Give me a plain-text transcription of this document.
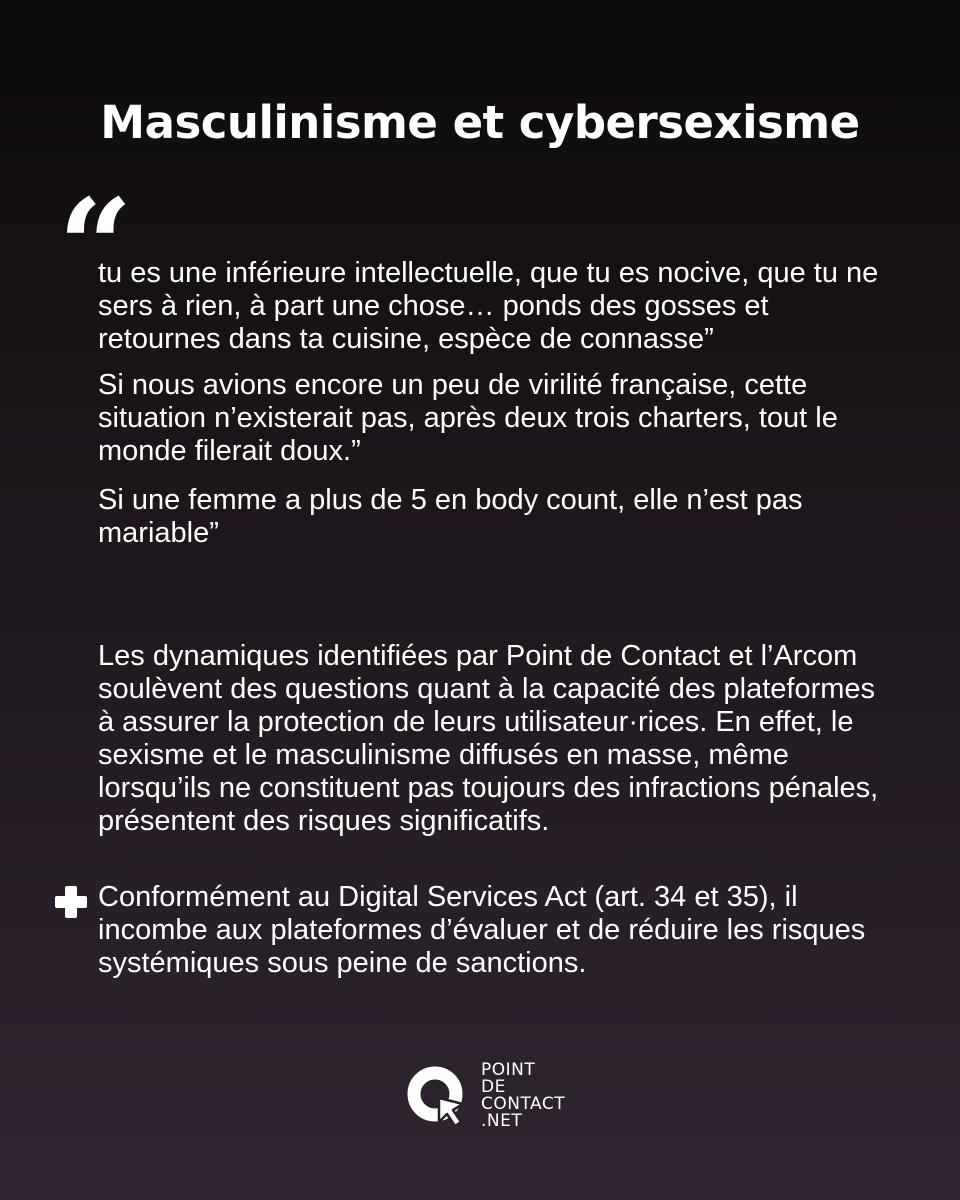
Masculinisme et cybersexisme
“

tu es une inférieure intellectuelle, que tu es nocive, que tu ne sers à rien, à part une chose… ponds des gosses et retournes dans ta cuisine, espèce de connasse”

Si nous avions encore un peu de virilité française, cette situation n’existerait pas, après deux trois charters, tout le monde filerait doux.”

Si une femme a plus de 5 en body count, elle n’est pas mariable”

Les dynamiques identifiées par Point de Contact et l’Arcom soulèvent des questions quant à la capacité des plateformes à assurer la protection de leurs utilisateur·rices. En effet, le sexisme et le masculinisme diffusés en masse, même lorsqu’ils ne constituent pas toujours des infractions pénales, présentent des risques significatifs.

Conformément au Digital Services Act (art. 34 et 35), il incombe aux plateformes d’évaluer et de réduire les risques systémiques sous peine de sanctions.

POINT
DE
CONTACT
.NET
